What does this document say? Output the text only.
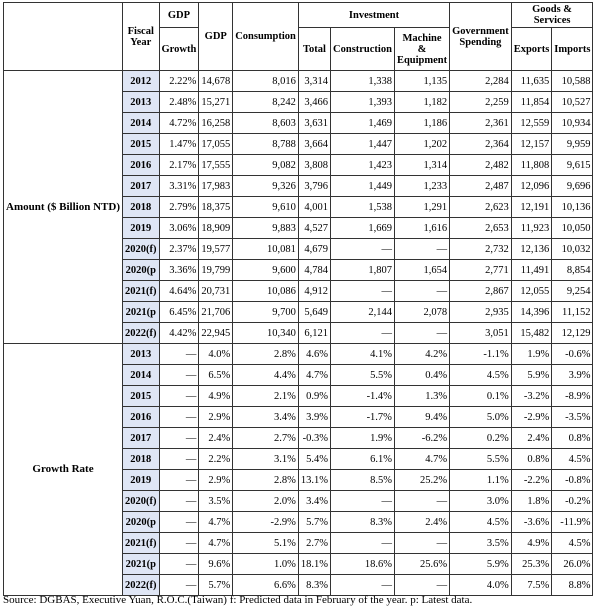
	Fiscal Year	GDP	GDP	Consumption	Investment			Government Spending	Goods & Services	
		Growth			Total	Construction	Machine & Equipment		Exports	Imports
Amount ($ Billion NTD)	2012	2.22%	14,678	8,016	3,314	1,338	1,135	2,284	11,635	10,588
	2013	2.48%	15,271	8,242	3,466	1,393	1,182	2,259	11,854	10,527
	2014	4.72%	16,258	8,603	3,631	1,469	1,186	2,361	12,559	10,934
	2015	1.47%	17,055	8,788	3,664	1,447	1,202	2,364	12,157	9,959
	2016	2.17%	17,555	9,082	3,808	1,423	1,314	2,482	11,808	9,615
	2017	3.31%	17,983	9,326	3,796	1,449	1,233	2,487	12,096	9,696
	2018	2.79%	18,375	9,610	4,001	1,538	1,291	2,623	12,191	10,136
	2019	3.06%	18,909	9,883	4,527	1,669	1,616	2,653	11,923	10,050
	2020(f)	2.37%	19,577	10,081	4,679	—	—	2,732	12,136	10,032
	2020(p	3.36%	19,799	9,600	4,784	1,807	1,654	2,771	11,491	8,854
	2021(f)	4.64%	20,731	10,086	4,912	—	—	2,867	12,055	9,254
	2021(p	6.45%	21,706	9,700	5,649	2,144	2,078	2,935	14,396	11,152
	2022(f)	4.42%	22,945	10,340	6,121	—	—	3,051	15,482	12,129
Growth Rate	2013	—	4.0%	2.8%	4.6%	4.1%	4.2%	-1.1%	1.9%	-0.6%
	2014	—	6.5%	4.4%	4.7%	5.5%	0.4%	4.5%	5.9%	3.9%
	2015	—	4.9%	2.1%	0.9%	-1.4%	1.3%	0.1%	-3.2%	-8.9%
	2016	—	2.9%	3.4%	3.9%	-1.7%	9.4%	5.0%	-2.9%	-3.5%
	2017	—	2.4%	2.7%	-0.3%	1.9%	-6.2%	0.2%	2.4%	0.8%
	2018	—	2.2%	3.1%	5.4%	6.1%	4.7%	5.5%	0.8%	4.5%
	2019	—	2.9%	2.8%	13.1%	8.5%	25.2%	1.1%	-2.2%	-0.8%
	2020(f)	—	3.5%	2.0%	3.4%	—	—	3.0%	1.8%	-0.2%
	2020(p	—	4.7%	-2.9%	5.7%	8.3%	2.4%	4.5%	-3.6%	-11.9%
	2021(f)	—	4.7%	5.1%	2.7%	—	—	3.5%	4.9%	4.5%
	2021(p	—	9.6%	1.0%	18.1%	18.6%	25.6%	5.9%	25.3%	26.0%
	2022(f)	—	5.7%	6.6%	8.3%	—	—	4.0%	7.5%	8.8%
Source: DGBAS, Executive Yuan, R.O.C.(Taiwan) f: Predicted data in February of the year. p: Latest data.
